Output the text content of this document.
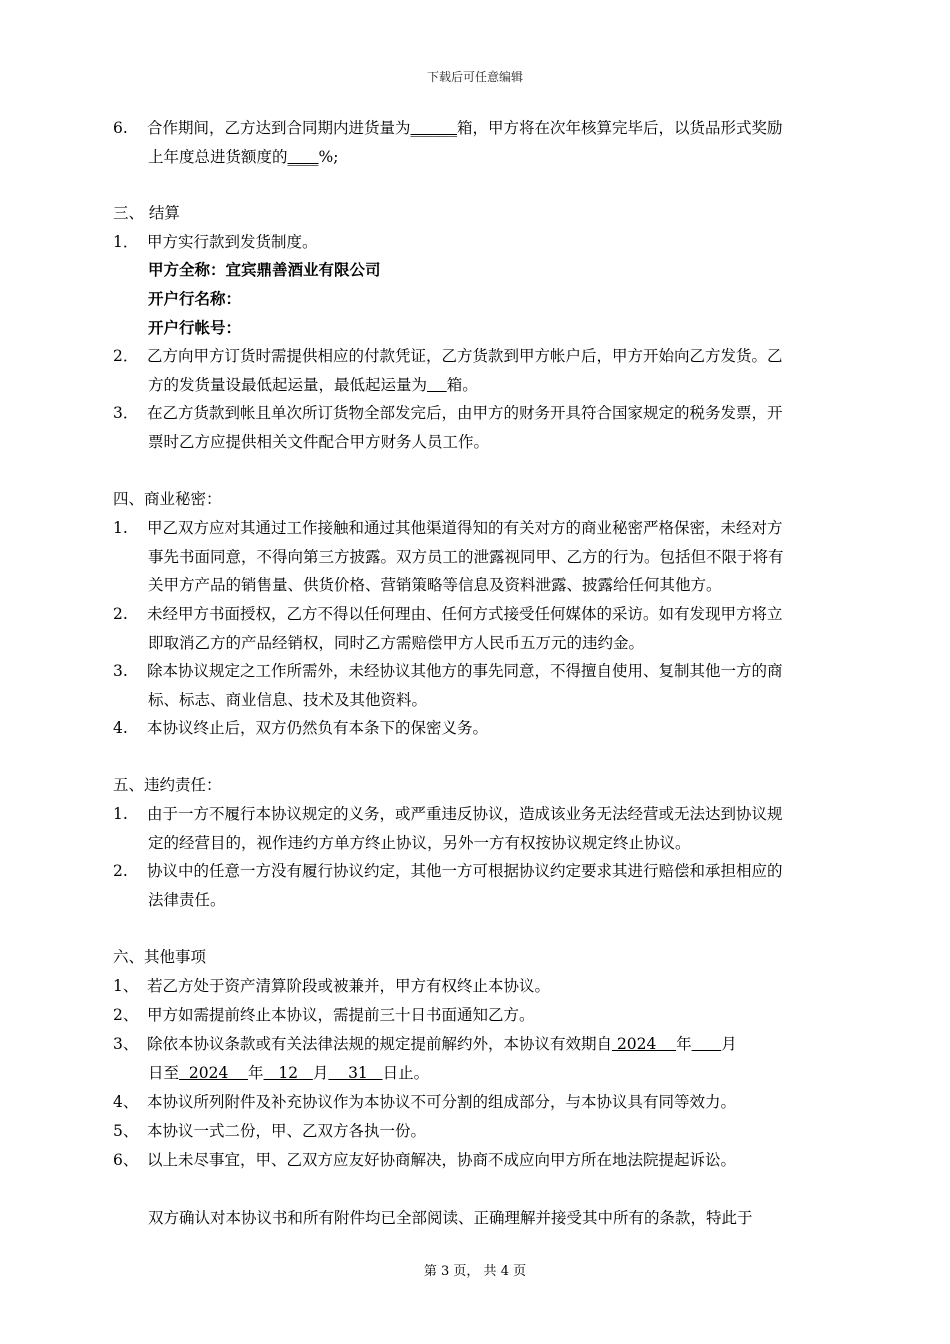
下载后可任意编辑
6. 合作期间，乙方达到合同期内进货量为______箱，甲方将在次年核算完毕后，以货品形式奖励
上年度总进货额度的____%;
三、 结算
1． 甲方实行款到发货制度。
甲方全称：宜宾鼎善酒业有限公司
开户行名称：
开户行帐号：
2． 乙方向甲方订货时需提供相应的付款凭证，乙方货款到甲方帐户后，甲方开始向乙方发货。乙
方的发货量设最低起运量，最低起运量为 箱。
3． 在乙方货款到帐且单次所订货物全部发完后，由甲方的财务开具符合国家规定的税务发票，开
票时乙方应提供相关文件配合甲方财务人员工作。
四、商业秘密：
1. 甲乙双方应对其通过工作接触和通过其他渠道得知的有关对方的商业秘密严格保密，未经对方
事先书面同意，不得向第三方披露。双方员工的泄露视同甲、乙方的行为。包括但不限于将有
关甲方产品的销售量、供货价格、营销策略等信息及资料泄露、披露给任何其他方。
2. 未经甲方书面授权，乙方不得以任何理由、任何方式接受任何媒体的采访。如有发现甲方将立
即取消乙方的产品经销权，同时乙方需赔偿甲方人民币五万元的违约金。
3. 除本协议规定之工作所需外，未经协议其他方的事先同意，不得擅自使用、复制其他一方的商
标、标志、商业信息、技术及其他资料。
4. 本协议终止后，双方仍然负有本条下的保密义务。
五、违约责任：
1. 由于一方不履行本协议规定的义务，或严重违反协议，造成该业务无法经营或无法达到协议规
定的经营目的，视作违约方单方终止协议，另外一方有权按协议规定终止协议。
2. 协议中的任意一方没有履行协议约定，其他一方可根据协议约定要求其进行赔偿和承担相应的
法律责任。
六、其他事项
1、 若乙方处于资产清算阶段或被兼并，甲方有权终止本协议。
2、 甲方如需提前终止本协议，需提前三十日书面通知乙方。
3、 除依本协议条款或有关法律法规的规定提前解约外，本协议有效期自 2024    年 月
日至  2024    年   12   月    31   日止。
4、 本协议所列附件及补充协议作为本协议不可分割的组成部分，与本协议具有同等效力。
5、 本协议一式二份，甲、乙双方各执一份。
6、 以上未尽事宜，甲、乙双方应友好协商解决，协商不成应向甲方所在地法院提起诉讼。
双方确认对本协议书和所有附件均已全部阅读、正确理解并接受其中所有的条款，特此于
第 3 页， 共 4 页
